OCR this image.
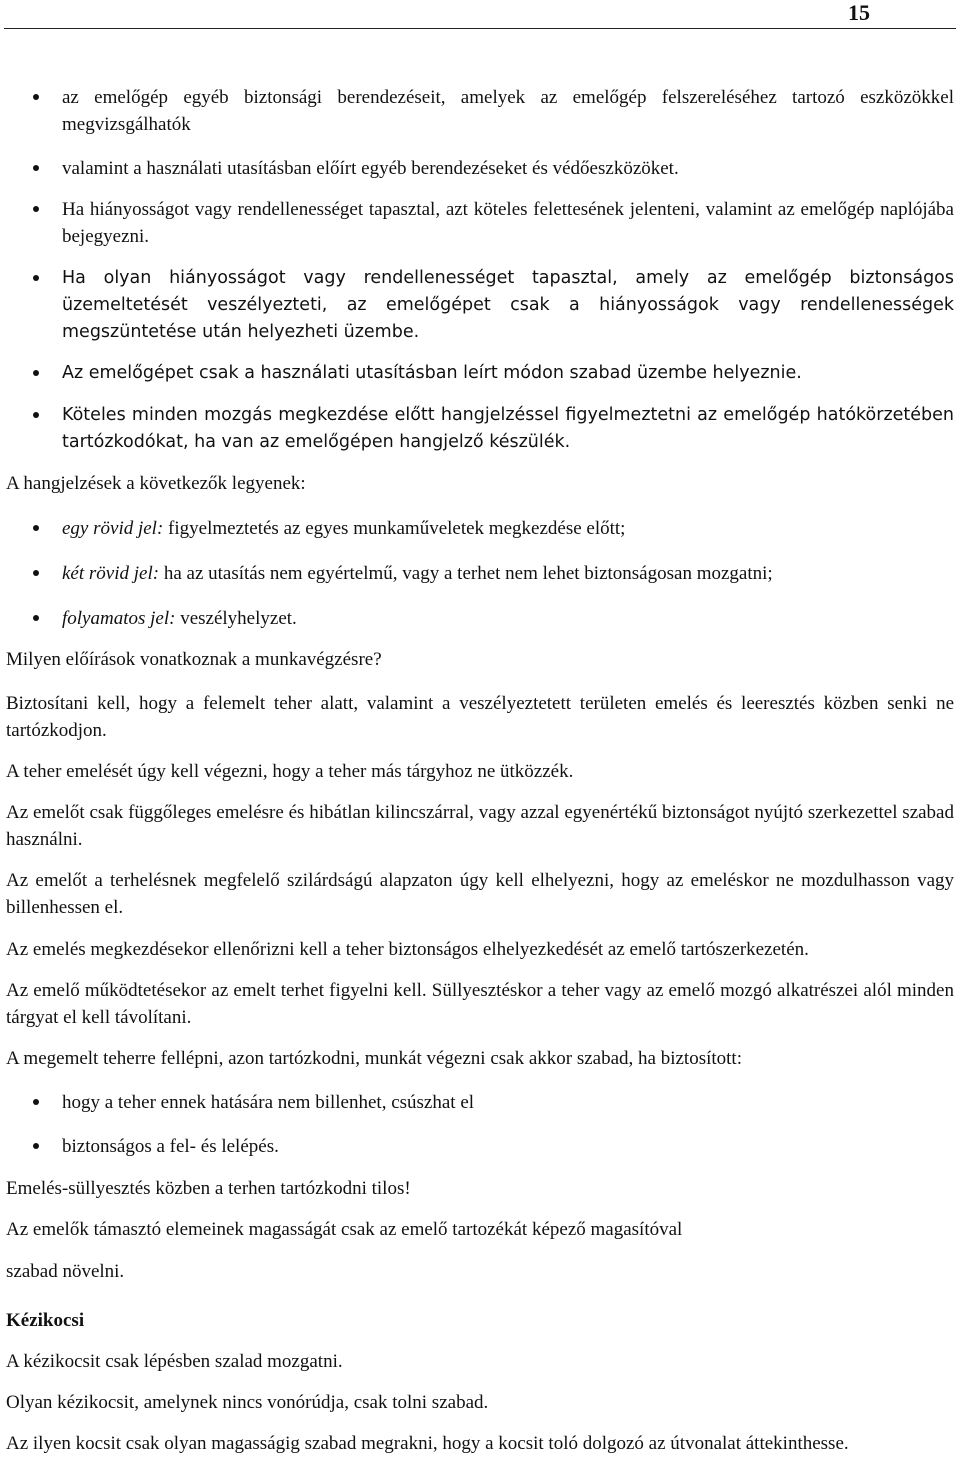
15
az emelőgép egyéb biztonsági berendezéseit, amelyek az emelőgép felszereléséhez tartozó eszközökkel megvizsgálhatók
valamint a használati utasításban előírt egyéb berendezéseket és védőeszközöket.
Ha hiányosságot vagy rendellenességet tapasztal, azt köteles felettesének jelenteni, valamint az emelőgép naplójába bejegyezni.
Ha olyan hiányosságot vagy rendellenességet tapasztal, amely az emelőgép biztonságos üzemeltetését veszélyezteti, az emelőgépet csak a hiányosságok vagy rendellenességek megszüntetése után helyezheti üzembe.
Az emelőgépet csak a használati utasításban leírt módon szabad üzembe helyeznie.
Köteles minden mozgás megkezdése előtt hangjelzéssel figyelmeztetni az emelőgép hatókörzetében tartózkodókat, ha van az emelőgépen hangjelző készülék.
A hangjelzések a következők legyenek:
egy rövid jel: figyelmeztetés az egyes munkaműveletek megkezdése előtt;
két rövid jel: ha az utasítás nem egyértelmű, vagy a terhet nem lehet biztonságosan mozgatni;
folyamatos jel: veszélyhelyzet.
Milyen előírások vonatkoznak a munkavégzésre?
Biztosítani kell, hogy a felemelt teher alatt, valamint a veszélyeztetett területen emelés és leeresztés közben senki ne tartózkodjon.
A teher emelését úgy kell végezni, hogy a teher más tárgyhoz ne ütközzék.
Az emelőt csak függőleges emelésre és hibátlan kilincszárral, vagy azzal egyenértékű biztonságot nyújtó szerkezettel szabad használni.
Az emelőt a terhelésnek megfelelő szilárdságú alapzaton úgy kell elhelyezni, hogy az emeléskor ne mozdulhasson vagy billenhessen el.
Az emelés megkezdésekor ellenőrizni kell a teher biztonságos elhelyezkedését az emelő tartószerkezetén.
Az emelő működtetésekor az emelt terhet figyelni kell. Süllyesztéskor a teher vagy az emelő mozgó alkatrészei alól minden tárgyat el kell távolítani.
A megemelt teherre fellépni, azon tartózkodni, munkát végezni csak akkor szabad, ha biztosított:
hogy a teher ennek hatására nem billenhet, csúszhat el
biztonságos a fel- és lelépés.
Emelés-süllyesztés közben a terhen tartózkodni tilos!
Az emelők támasztó elemeinek magasságát csak az emelő tartozékát képező magasítóval
szabad növelni.
Kézikocsi
A kézikocsit csak lépésben szalad mozgatni.
Olyan kézikocsit, amelynek nincs vonórúdja, csak tolni szabad.
Az ilyen kocsit csak olyan magasságig szabad megrakni, hogy a kocsit toló dolgozó az útvonalat áttekinthesse.
